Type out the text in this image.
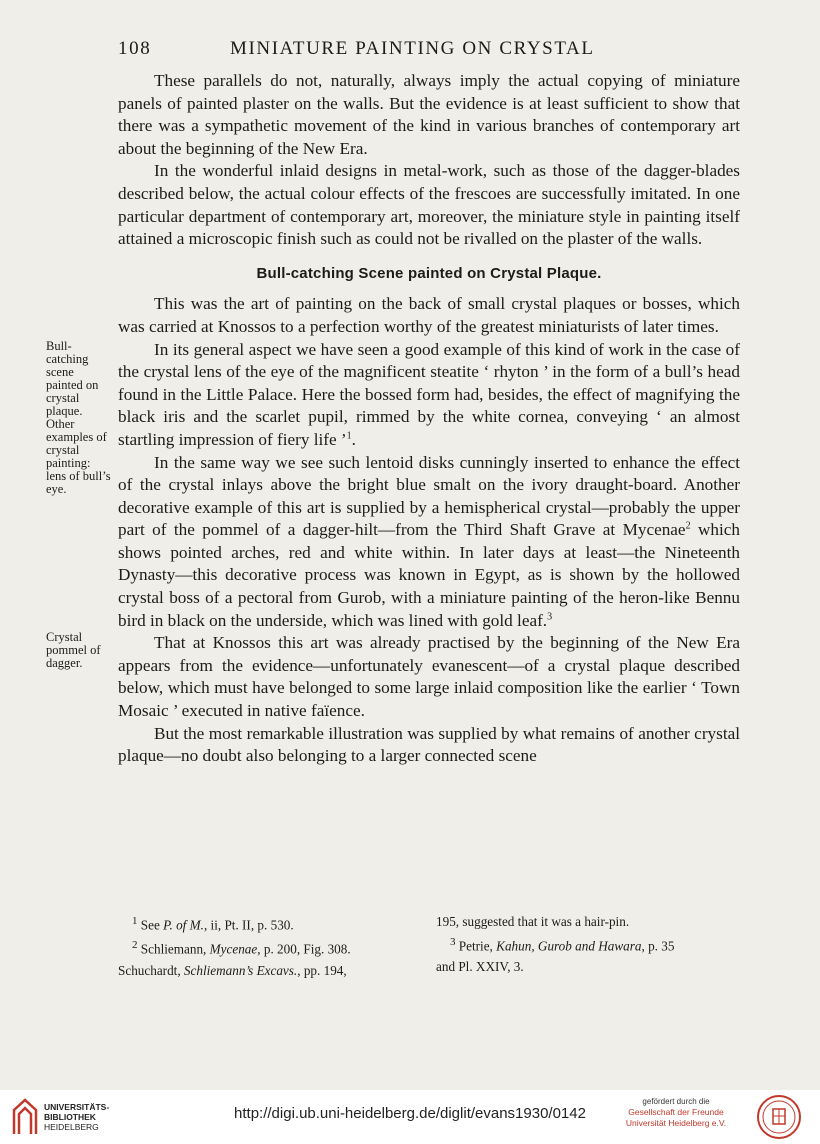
108	MINIATURE PAINTING ON CRYSTAL

These parallels do not, naturally, always imply the actual copying of miniature panels of painted plaster on the walls. But the evidence is at least sufficient to show that there was a sympathetic movement of the kind in various branches of contemporary art about the beginning of the New Era.

In the wonderful inlaid designs in metal-work, such as those of the dagger-blades described below, the actual colour effects of the frescoes are successfully imitated. In one particular department of contemporary art, moreover, the miniature style in painting itself attained a microscopic finish such as could not be rivalled on the plaster of the walls.

Bull-catching Scene painted on Crystal Plaque.

This was the art of painting on the back of small crystal plaques or bosses, which was carried at Knossos to a perfection worthy of the greatest miniaturists of later times.

In its general aspect we have seen a good example of this kind of work in the case of the crystal lens of the eye of the magnificent steatite ‘ rhyton ’ in the form of a bull’s head found in the Little Palace. Here the bossed form had, besides, the effect of magnifying the black iris and the scarlet pupil, rimmed by the white cornea, conveying ‘ an almost startling impression of fiery life ’$^1$.

In the same way we see such lentoid disks cunningly inserted to enhance the effect of the crystal inlays above the bright blue smalt on the ivory draught-board. Another decorative example of this art is supplied by a hemispherical crystal—probably the upper part of the pommel of a dagger-hilt—from the Third Shaft Grave at Mycenae$^2$ which shows pointed arches, red and white within. In later days at least—the Nineteenth Dynasty—this decorative process was known in Egypt, as is shown by the hollowed crystal boss of a pectoral from Gurob, with a miniature painting of the heron-like Bennu bird in black on the underside, which was lined with gold leaf.$^3$

That at Knossos this art was already practised by the beginning of the New Era appears from the evidence—unfortunately evanescent—of a crystal plaque described below, which must have belonged to some large inlaid composition like the earlier ‘ Town Mosaic ’ executed in native faïence.

But the most remarkable illustration was supplied by what remains of another crystal plaque—no doubt also belonging to a larger connected scene

Bull-catching scene painted on crystal plaque. Other examples of crystal painting: lens of bull’s eye.
Crystal pommel of dagger.
$^1$ See P. of M., ii, Pt. II, p. 530.
$^2$ Schliemann, Mycenae, p. 200, Fig. 308.
Schuchardt, Schliemann’s Excavs., pp. 194,
195, suggested that it was a hair-pin.
$^3$ Petrie, Kahun, Gurob and Hawara, p. 35
and Pl. XXIV, 3.
UNIVERSITÄTS-
BIBLIOTHEK
HEIDELBERG
http://digi.ub.uni-heidelberg.de/diglit/evans1930/0142
gefördert durch die
Gesellschaft der Freunde
Universität Heidelberg e.V.
